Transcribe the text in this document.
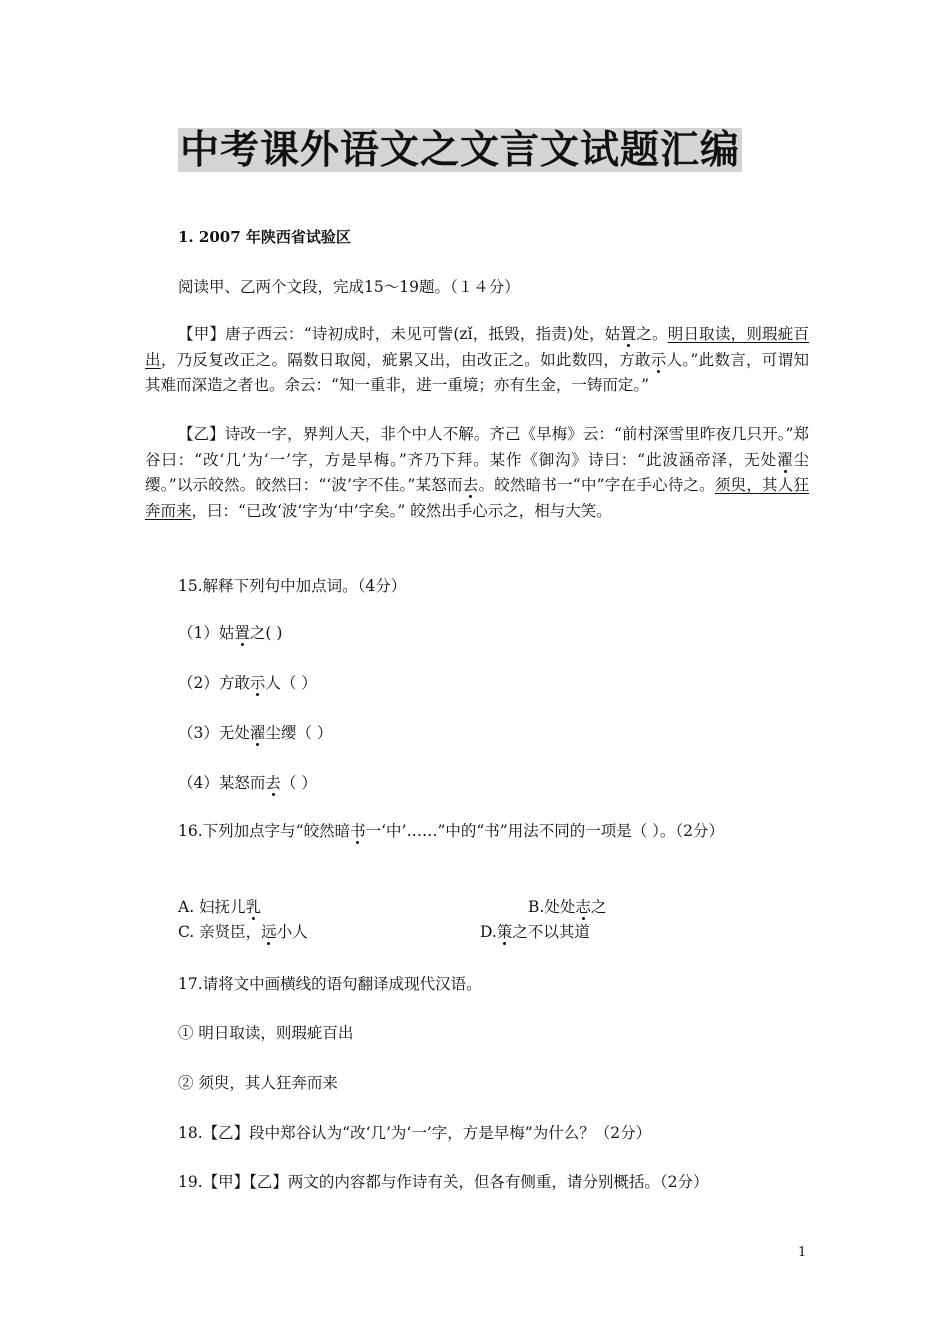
中考课外语文之文言文试题汇编
1. 2007 年陕西省试验区
阅读甲、乙两个文段，完成15～19题。（１４分）
【甲】唐子西云：“诗初成时，未见可訾(zǐ，抵毁，指责)处，姑置之。明日取读，则瑕疵百出，乃反复改正之。隔数日取阅，疵累又出，由改正之。如此数四，方敢示人。”此数言，可谓知其难而深造之者也。余云：“知一重非，进一重境；亦有生金，一铸而定。”
【乙】诗改一字，界判人天，非个中人不解。齐己《早梅》云：“前村深雪里昨夜几只开。”郑谷曰：“改‘几’为‘一’字，方是早梅。”齐乃下拜。某作《御沟》诗曰：“此波涵帝泽，无处濯尘缨。”以示皎然。皎然曰：“‘波’字不佳。”某怒而去。皎然暗书一“中”字在手心待之。须臾，其人狂奔而来，曰：“已改‘波’字为‘中’字矣。” 皎然出手心示之，相与大笑。
15.解释下列句中加点词。（4分）
（1）姑置之( )
（2）方敢示人（ ）
（3）无处濯尘缨（ ）
（4）某怒而去（ ）
16.下列加点字与“皎然暗书一‘中’……”中的“书”用法不同的一项是（ ）。（2分）
A. 妇抚儿乳	B.处处志之
C. 亲贤臣，远小人	D.策之不以其道
17.请将文中画横线的语句翻译成现代汉语。
① 明日取读，则瑕疵百出
② 须臾，其人狂奔而来
18.【乙】段中郑谷认为“改‘几’为‘一’字，方是早梅”为什么？（2分）
19.【甲】【乙】两文的内容都与作诗有关，但各有侧重，请分别概括。（2分）
1
